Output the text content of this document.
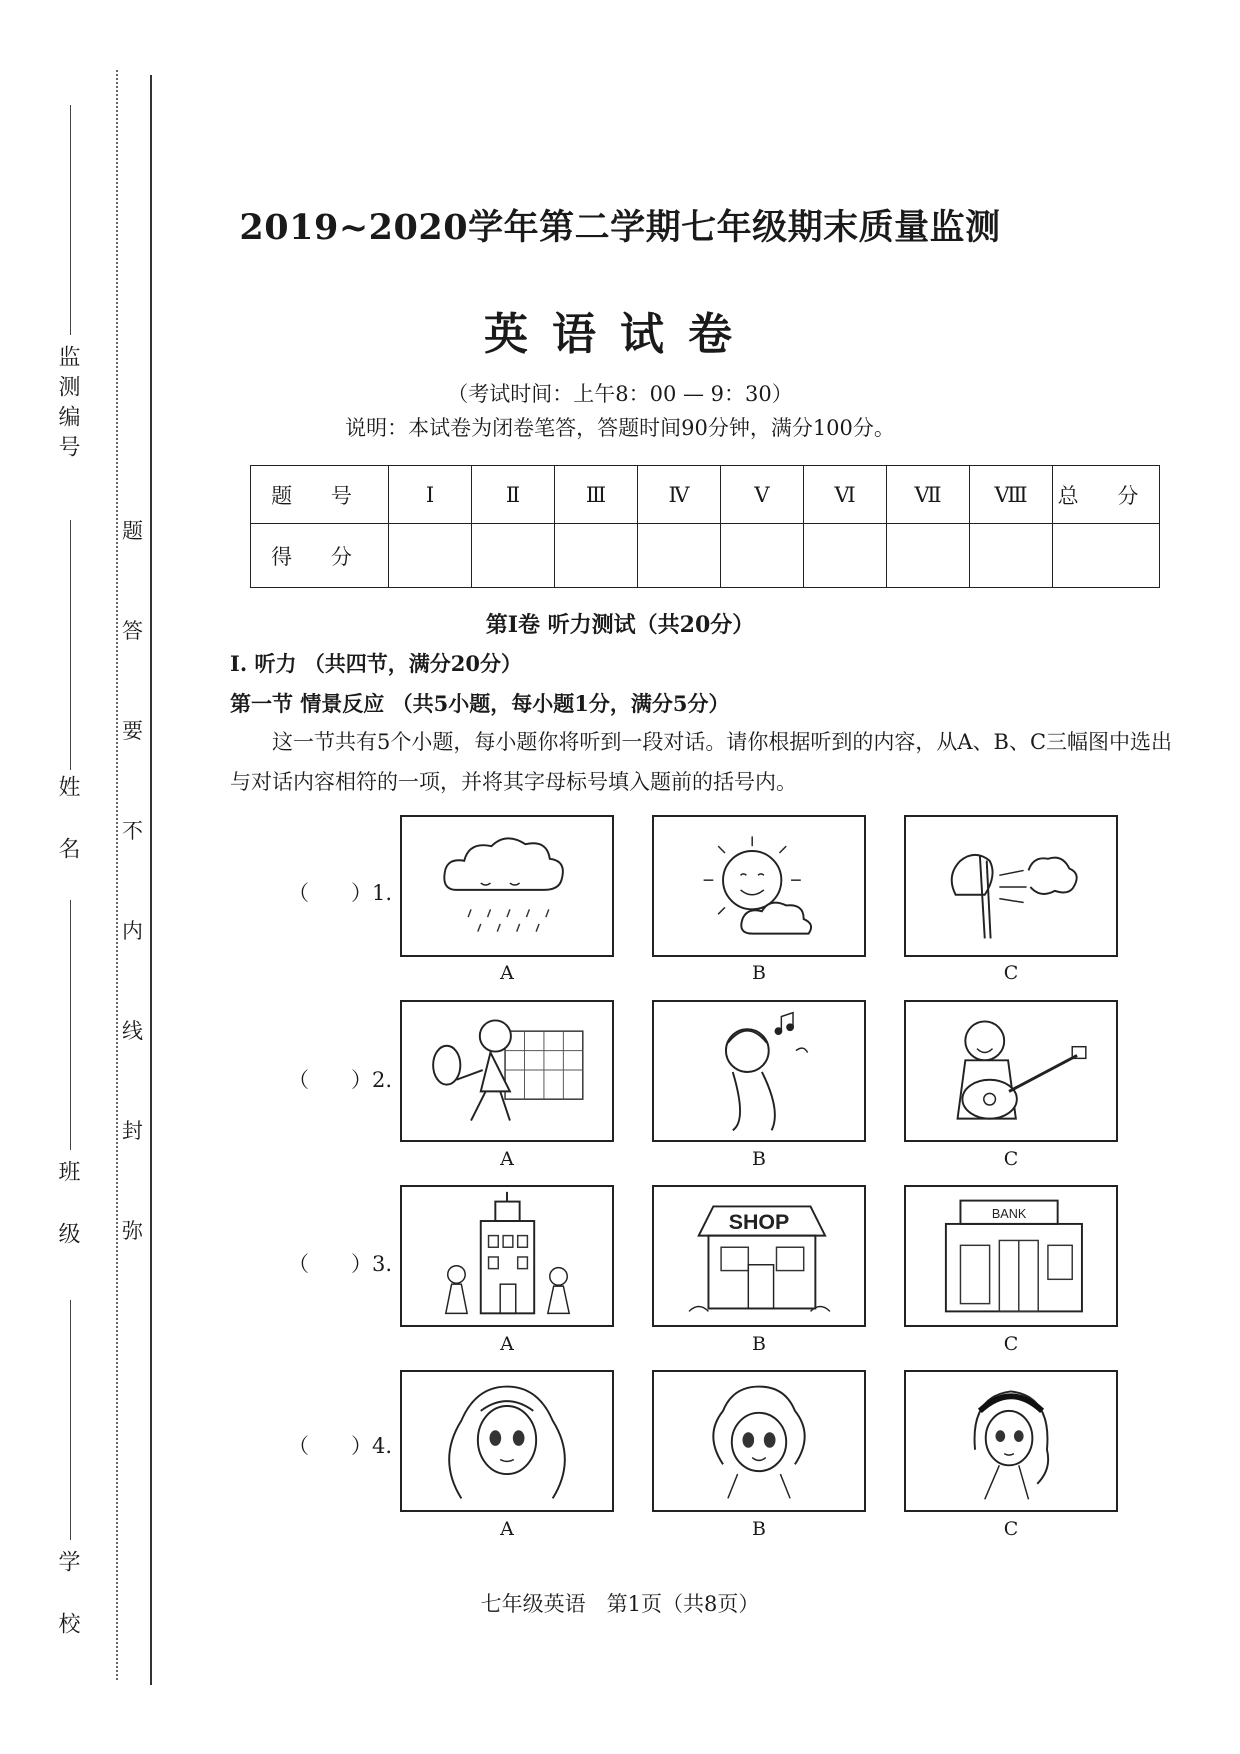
监测编号
姓名
班级
学校
题
答
要
不
内
线
封
弥
2019~2020学年第二学期七年级期末质量监测
英语试卷
（考试时间：上午8：00 — 9：30）
说明：本试卷为闭卷笔答，答题时间90分钟，满分100分。
题 号	Ⅰ	Ⅱ	Ⅲ	Ⅳ	Ⅴ	Ⅵ	Ⅶ	Ⅷ	总 分
得 分									
第Ⅰ卷 听力测试（共20分）
Ⅰ. 听力 （共四节，满分20分）
第一节 情景反应 （共5小题，每小题1分，满分5分）
这一节共有5个小题，每小题你将听到一段对话。请你根据听到的内容，从A、B、C三幅图中选出与对话内容相符的一项，并将其字母标号填入题前的括号内。
（　　）1.
A	B	C
（　　）2.
A	B	C
（　　）3.
SHOP	BANK
A	B	C
（　　）4.
A	B	C
七年级英语　第1页（共8页）
